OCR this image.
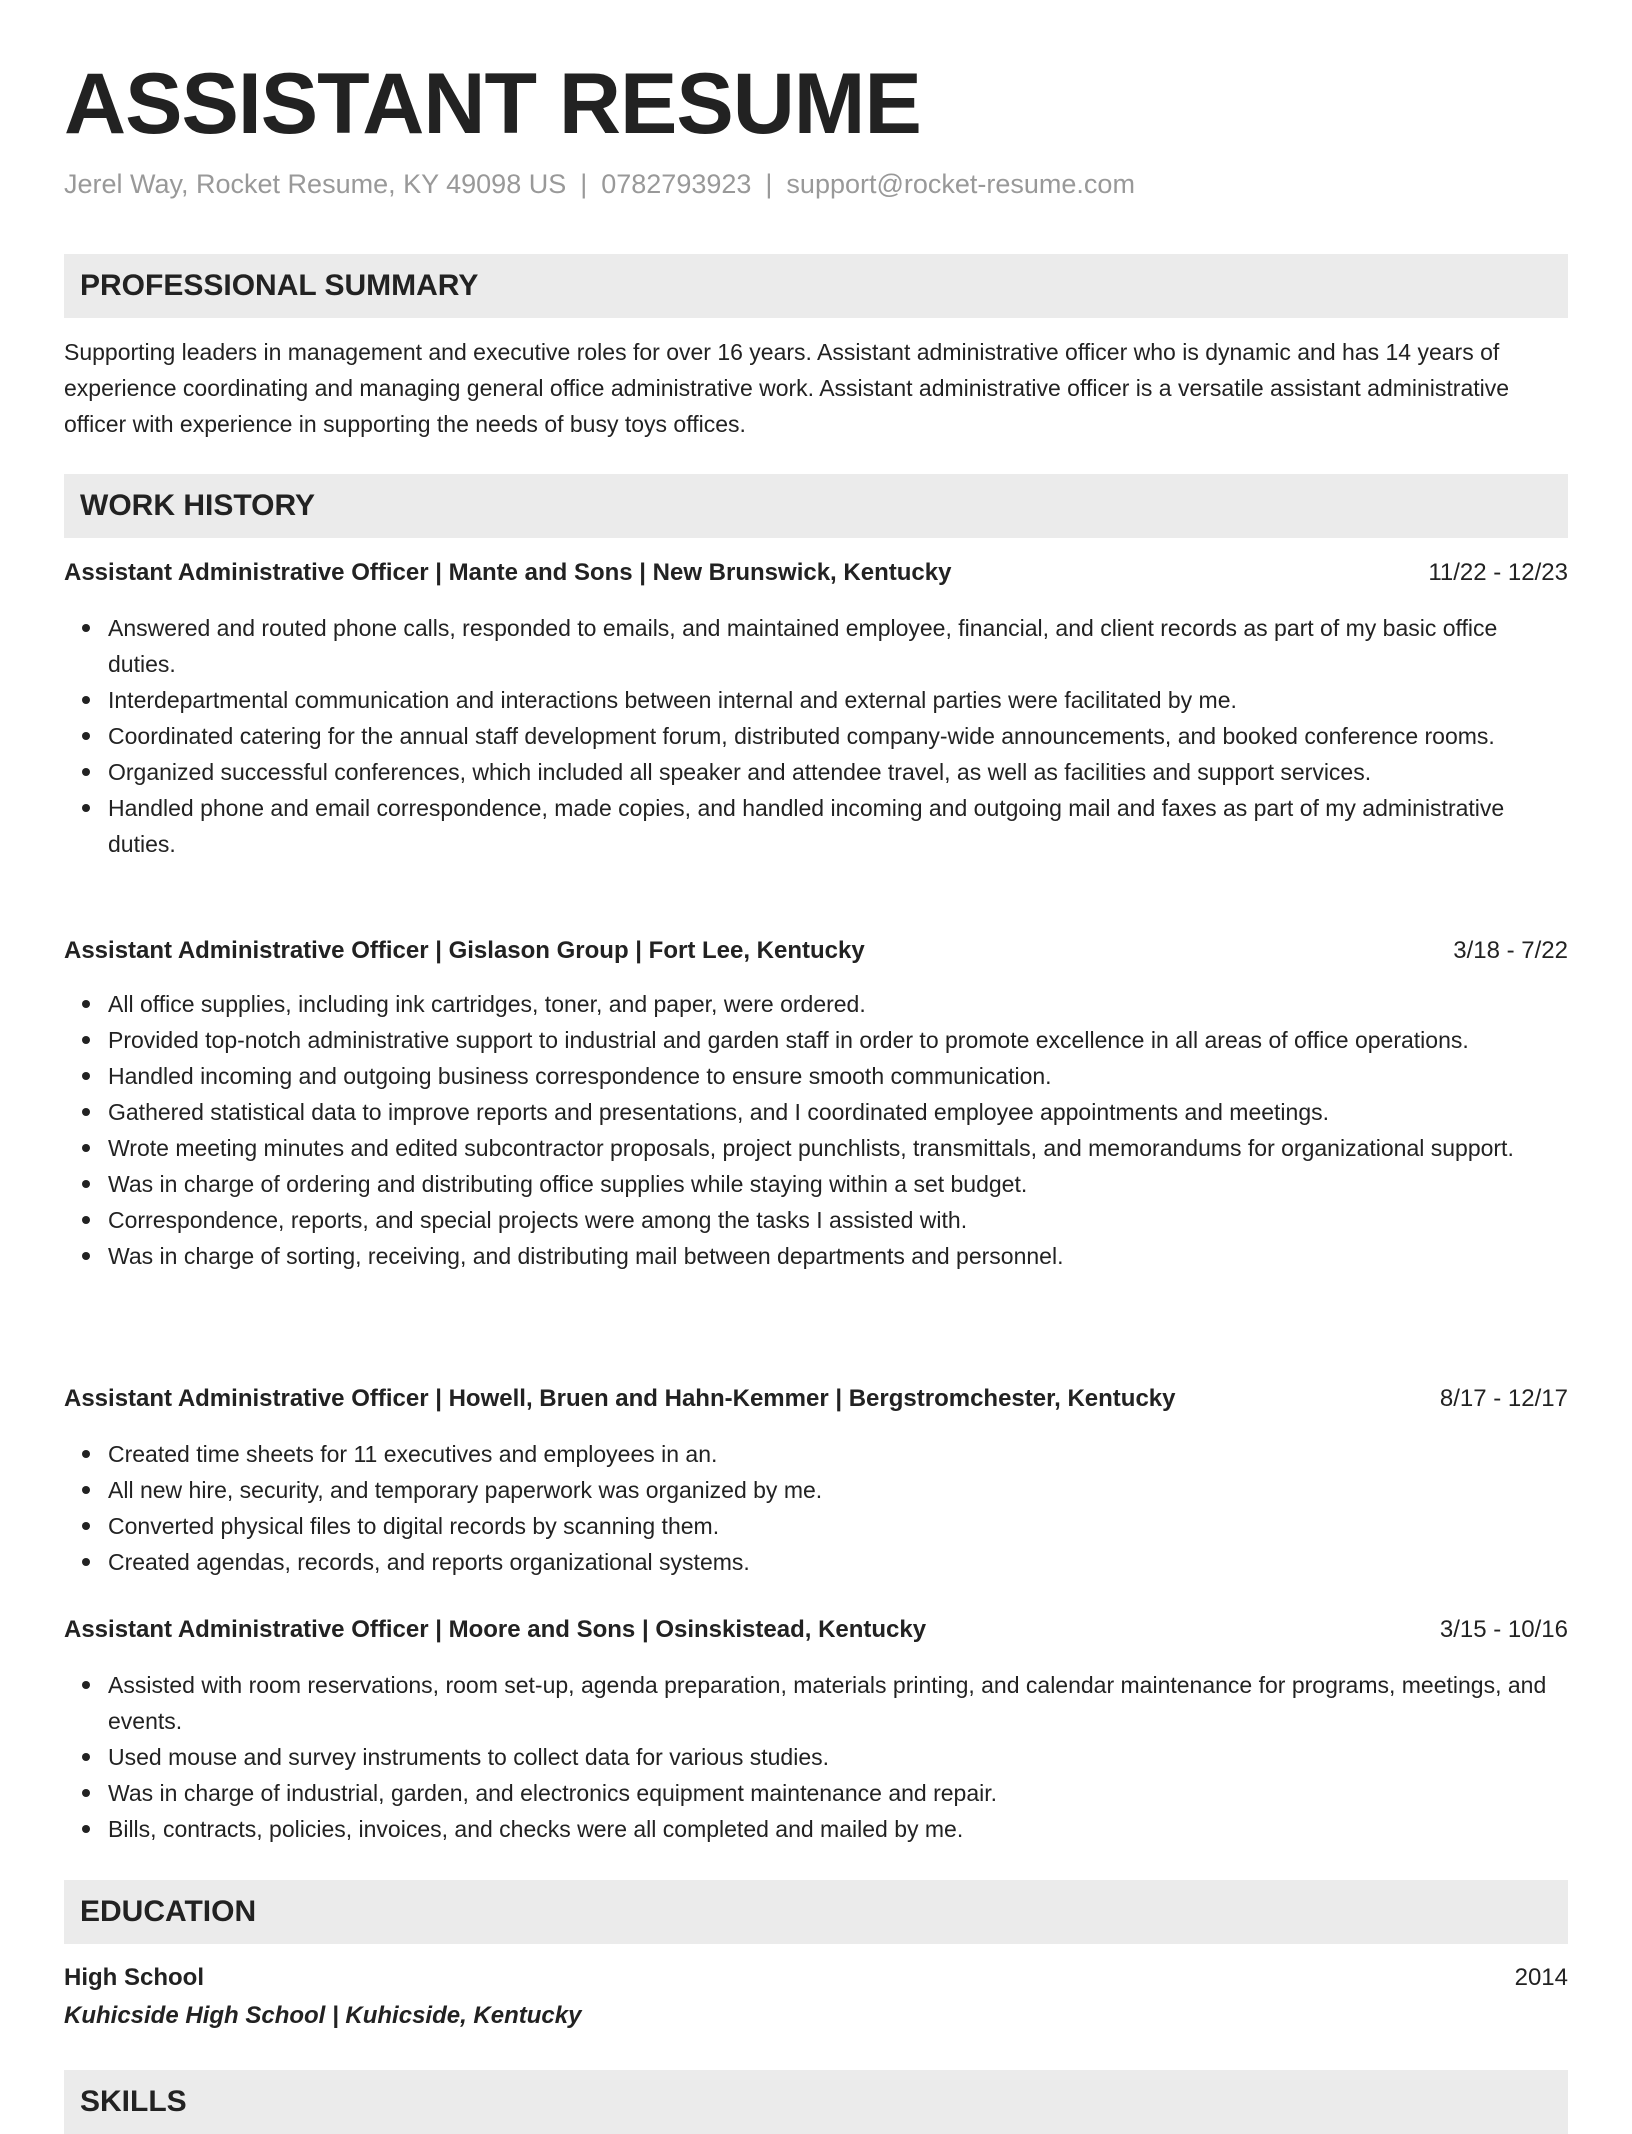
ASSISTANT RESUME
Jerel Way, Rocket Resume, KY 49098 US | 0782793923 | support@rocket-resume.com
PROFESSIONAL SUMMARY
Supporting leaders in management and executive roles for over 16 years. Assistant administrative officer who is dynamic and has 14 years of experience coordinating and managing general office administrative work. Assistant administrative officer is a versatile assistant administrative officer with experience in supporting the needs of busy toys offices.
WORK HISTORY
Assistant Administrative Officer | Mante and Sons | New Brunswick, Kentucky	11/22 - 12/23
Answered and routed phone calls, responded to emails, and maintained employee, financial, and client records as part of my basic office duties.
Interdepartmental communication and interactions between internal and external parties were facilitated by me.
Coordinated catering for the annual staff development forum, distributed company-wide announcements, and booked conference rooms.
Organized successful conferences, which included all speaker and attendee travel, as well as facilities and support services.
Handled phone and email correspondence, made copies, and handled incoming and outgoing mail and faxes as part of my administrative duties.
Assistant Administrative Officer | Gislason Group | Fort Lee, Kentucky	3/18 - 7/22
All office supplies, including ink cartridges, toner, and paper, were ordered.
Provided top-notch administrative support to industrial and garden staff in order to promote excellence in all areas of office operations.
Handled incoming and outgoing business correspondence to ensure smooth communication.
Gathered statistical data to improve reports and presentations, and I coordinated employee appointments and meetings.
Wrote meeting minutes and edited subcontractor proposals, project punchlists, transmittals, and memorandums for organizational support.
Was in charge of ordering and distributing office supplies while staying within a set budget.
Correspondence, reports, and special projects were among the tasks I assisted with.
Was in charge of sorting, receiving, and distributing mail between departments and personnel.
Assistant Administrative Officer | Howell, Bruen and Hahn-Kemmer | Bergstromchester, Kentucky	8/17 - 12/17
Created time sheets for 11 executives and employees in an.
All new hire, security, and temporary paperwork was organized by me.
Converted physical files to digital records by scanning them.
Created agendas, records, and reports organizational systems.
Assistant Administrative Officer | Moore and Sons | Osinskistead, Kentucky	3/15 - 10/16
Assisted with room reservations, room set-up, agenda preparation, materials printing, and calendar maintenance for programs, meetings, and events.
Used mouse and survey instruments to collect data for various studies.
Was in charge of industrial, garden, and electronics equipment maintenance and repair.
Bills, contracts, policies, invoices, and checks were all completed and mailed by me.
EDUCATION
High School	2014
Kuhicside High School | Kuhicside, Kentucky
SKILLS
